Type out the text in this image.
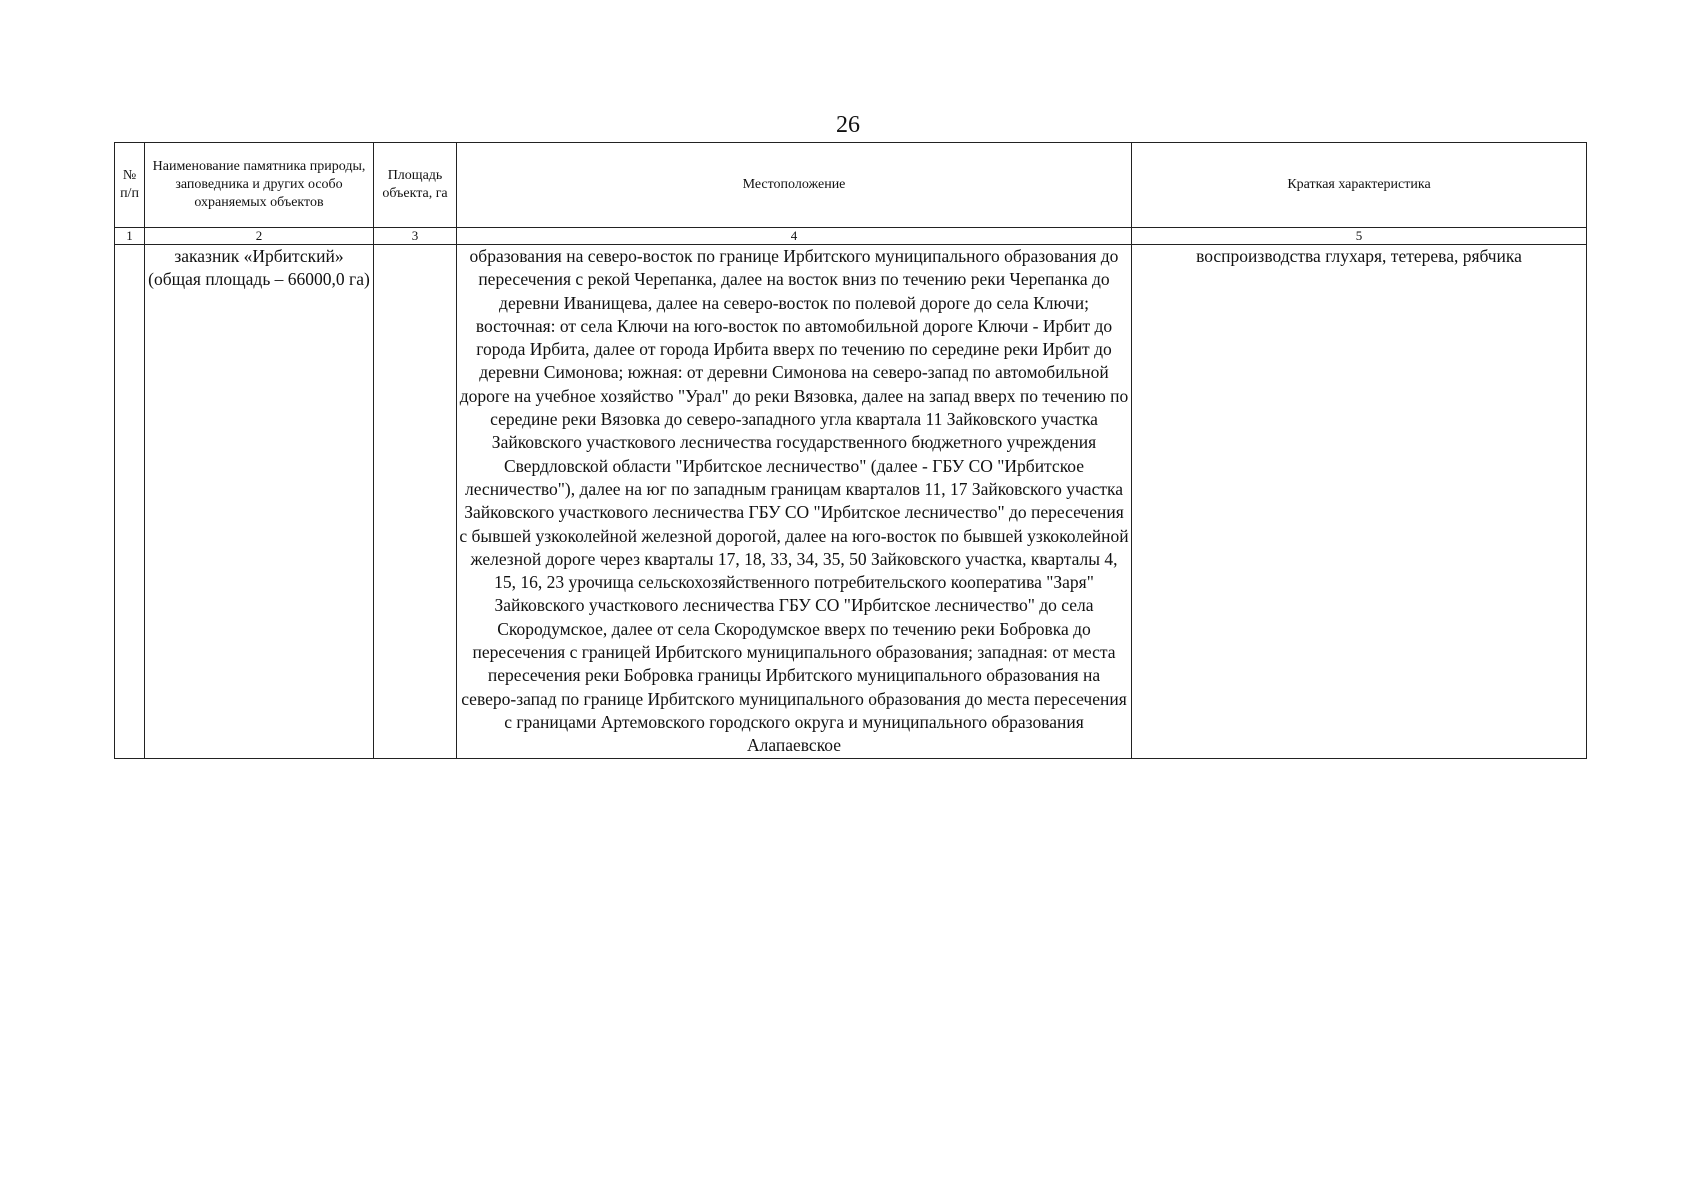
26
№ п/п	Наименование памятника природы, заповедника и других особо охраняемых объектов	Площадь объекта, га	Местоположение	Краткая характеристика
1	2	3	4	5
	заказник «Ирбитский» (общая площадь – 66000,0 га)		образования на северо-восток по границе Ирбитского муниципального образования до пересечения с рекой Черепанка, далее на восток вниз по течению реки Черепанка до деревни Иванищева, далее на северо-восток по полевой дороге до села Ключи; восточная: от села Ключи на юго-восток по автомобильной дороге Ключи - Ирбит до города Ирбита, далее от города Ирбита вверх по течению по середине реки Ирбит до деревни Симонова; южная: от деревни Симонова на северо-запад по автомобильной дороге на учебное хозяйство "Урал" до реки Вязовка, далее на запад вверх по течению по середине реки Вязовка до северо-западного угла квартала 11 Зайковского участка Зайковского участкового лесничества государственного бюджетного учреждения Свердловской области "Ирбитское лесничество" (далее - ГБУ СО "Ирбитское лесничество"), далее на юг по западным границам кварталов 11, 17 Зайковского участка Зайковского участкового лесничества ГБУ СО "Ирбитское лесничество" до пересечения с бывшей узкоколейной железной дорогой, далее на юго-восток по бывшей узкоколейной железной дороге через кварталы 17, 18, 33, 34, 35, 50 Зайковского участка, кварталы 4, 15, 16, 23 урочища сельскохозяйственного потребительского кооператива "Заря" Зайковского участкового лесничества ГБУ СО "Ирбитское лесничество" до села Скородумское, далее от села Скородумское вверх по течению реки Бобровка до пересечения с границей Ирбитского муниципального образования; западная: от места пересечения реки Бобровка границы Ирбитского муниципального образования на северо-запад по границе Ирбитского муниципального образования до места пересечения с границами Артемовского городского округа и муниципального образования Алапаевское	воспроизводства глухаря, тетерева, рябчика
